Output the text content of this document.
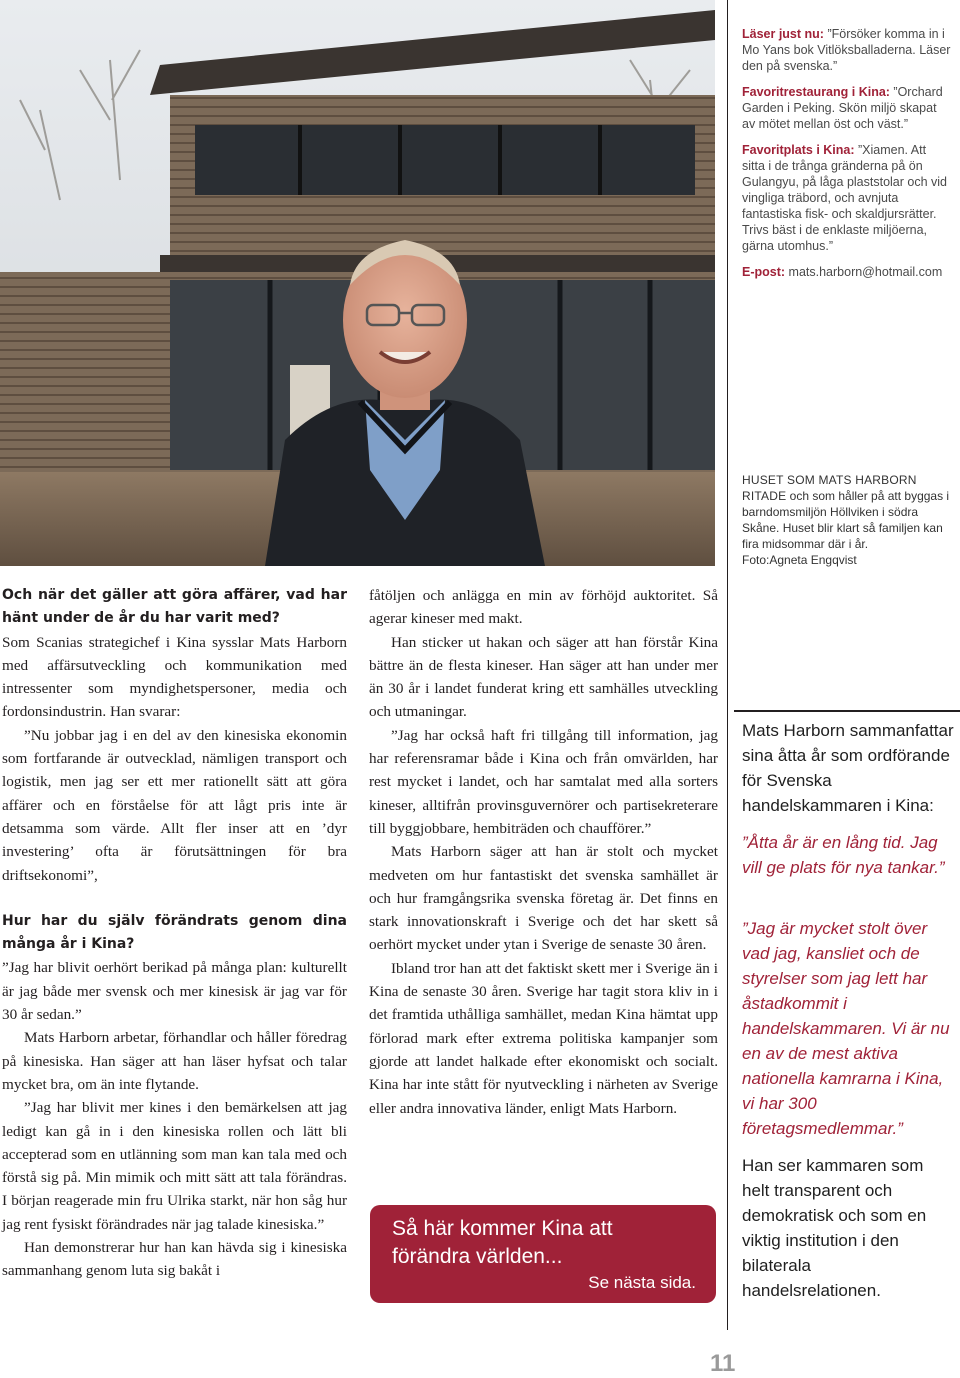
Läser just nu: ”Försöker komma in i Mo Yans bok Vitlöksballaderna. Läser den på svenska.”

Favoritrestaurang i Kina: ”Orchard Garden i Peking. Skön miljö skapat av mötet mellan öst och väst.”

Favoritplats i Kina: ”Xiamen. Att sitta i de trånga gränderna på ön Gulangyu, på låga plaststolar och vid vingliga träbord, och avnjuta fantastiska fisk- och skaldjursrätter. Trivs bäst i de enklaste miljöerna, gärna utomhus.”

E-post: mats.harborn@hotmail.com

HUSET SOM MATS HARBORN RITADE och som håller på att byggas i barndomsmiljön Höllviken i södra Skåne. Huset blir klart så familjen kan fira midsommar där i år.
Foto:Agneta Engqvist

Och när det gäller att göra affärer, vad har hänt under de år du har varit med?

Som Scanias strategichef i Kina sysslar Mats Harborn med affärsutveckling och kommunikation med intressenter som myndighetspersoner, media och fordonsindustrin. Han svarar:

”Nu jobbar jag i en del av den kinesiska ekonomin som fortfarande är outvecklad, nämligen transport och logistik, men jag ser ett mer rationellt sätt att göra affärer och en förståelse för att lågt pris inte är detsamma som värde. Allt fler inser att en ’dyr investering’ ofta är förutsättningen för bra driftsekonomi”,

Hur har du själv förändrats genom dina många år i Kina?

”Jag har blivit oerhört berikad på många plan: kulturellt är jag både mer svensk och mer kinesisk är jag var för 30 år sedan.”

Mats Harborn arbetar, förhandlar och håller föredrag på kinesiska. Han säger att han läser hyfsat och talar mycket bra, om än inte flytande.

”Jag har blivit mer kines i den bemärkelsen att jag ledigt kan gå in i den kinesiska rollen och lätt bli accepterad som en utlänning som man kan tala med och förstå sig på. Min mimik och mitt sätt att tala förändras. I början reagerade min fru Ulrika starkt, när hon såg hur jag rent fysiskt förändrades när jag talade kinesiska.”

Han demonstrerar hur han kan hävda sig i kinesiska sammanhang genom luta sig bakåt i

fåtöljen och anlägga en min av förhöjd auktoritet. Så agerar kineser med makt.

Han sticker ut hakan och säger att han förstår Kina bättre än de flesta kineser. Han säger att han under mer än 30 år i landet funderat kring ett samhälles utveckling och utmaningar.

”Jag har också haft fri tillgång till information, jag har referensramar både i Kina och från omvärlden, har rest mycket i landet, och har samtalat med alla sorters kineser, alltifrån provinsguvernörer och partisekreterare till byggjobbare, hembiträden och chaufförer.”

Mats Harborn säger att han är stolt och mycket medveten om hur fantastiskt det svenska samhället är och hur framgångsrika svenska företag är. Det finns en stark innovationskraft i Sverige och det har skett så oerhört mycket under ytan i Sverige de senaste 30 åren.

Ibland tror han att det faktiskt skett mer i Sverige än i Kina de senaste 30 åren. Sverige har tagit stora kliv in i det framtida uthålliga samhället, medan Kina hämtat upp förlorad mark efter extrema politiska kampanjer som gjorde att landet halkade efter ekonomiskt och socialt. Kina har inte stått för nyutveckling i närheten av Sverige eller andra innovativa länder, enligt Mats Harborn.

Så här kommer Kina att förändra världen...
Se nästa sida.
Mats Harborn sammanfattar sina åtta år som ordförande för Svenska handelskammaren i Kina:
”Åtta år är en lång tid. Jag vill ge plats för nya tankar.”
”Jag är mycket stolt över vad jag, kansliet och de styrelser som jag lett har åstadkommit i handelskammaren. Vi är nu en av de mest aktiva nationella kamrarna i Kina, vi har 300 företagsmedlemmar.”
Han ser kammaren som helt transparent och demokratisk och som en viktig institution i den bilaterala handelsrelationen.
11
